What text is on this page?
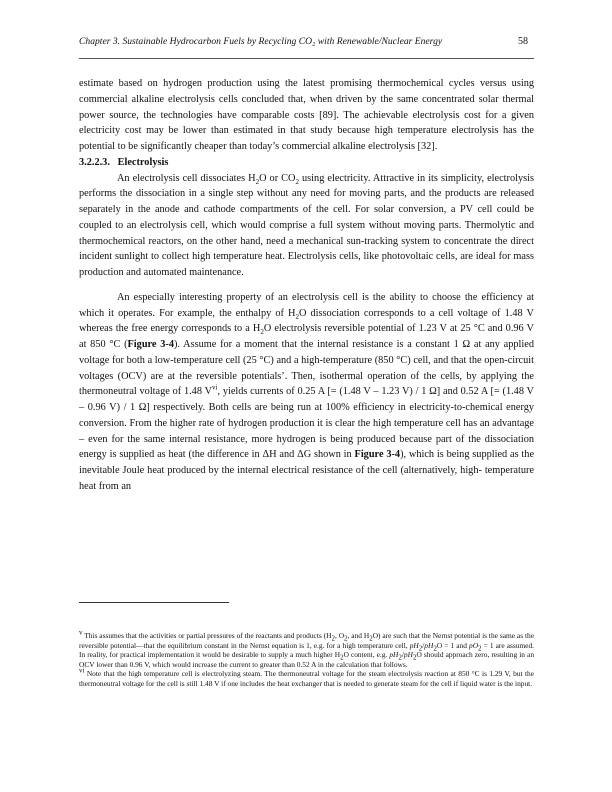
Chapter 3. Sustainable Hydrocarbon Fuels by Recycling CO₂ with Renewable/Nuclear Energy	58

estimate based on hydrogen production using the latest promising thermochemical cycles versus using commercial alkaline electrolysis cells concluded that, when driven by the same concentrated solar thermal power source, the technologies have comparable costs [89]. The achievable electrolysis cost for a given electricity cost may be lower than estimated in that study because high temperature electrolysis has the potential to be significantly cheaper than today’s commercial alkaline electrolysis [32].

3.2.2.3. Electrolysis

An electrolysis cell dissociates $H_2O$ or $CO_2$ using electricity. Attractive in its simplicity, electrolysis performs the dissociation in a single step without any need for moving parts, and the products are released separately in the anode and cathode compartments of the cell. For solar conversion, a PV cell could be coupled to an electrolysis cell, which would comprise a full system without moving parts. Thermolytic and thermochemical reactors, on the other hand, need a mechanical sun-tracking system to concentrate the direct incident sunlight to collect high temperature heat. Electrolysis cells, like photovoltaic cells, are ideal for mass production and automated maintenance.

An especially interesting property of an electrolysis cell is the ability to choose the efficiency at which it operates. For example, the enthalpy of $H_2O$ dissociation corresponds to a cell voltage of 1.48 V whereas the free energy corresponds to a $H_2O$ electrolysis reversible potential of 1.23 V at 25 °C and 0.96 V at 850 °C (Figure 3-4). Assume for a moment that the internal resistance is a constant 1 Ω at any applied voltage for both a low-temperature cell (25 °C) and a high-temperature (850 °C) cell, and that the open-circuit voltages (OCV) are at the reversible potentials’. Then, isothermal operation of the cells, by applying the thermoneutral voltage of 1.48 $V^{vi}$, yields currents of 0.25 A [= (1.48 V – 1.23 V) / 1 Ω] and 0.52 A [= (1.48 V – 0.96 V) / 1 Ω] respectively. Both cells are being run at 100% efficiency in electricity-to-chemical energy conversion. From the higher rate of hydrogen production it is clear the high temperature cell has an advantage – even for the same internal resistance, more hydrogen is being produced because part of the dissociation energy is supplied as heat (the difference in ΔH and ΔG shown in Figure 3-4), which is being supplied as the inevitable Joule heat produced by the internal electrical resistance of the cell (alternatively, high- temperature heat from an

$^v$ This assumes that the activities or partial pressures of the reactants and products ($H_2$, $O_2$, and $H_2O$) are such that the Nernst potential is the same as the reversible potential—that the equilibrium constant in the Nernst equation is 1, e.g. for a high temperature cell, $pH_2/pH_2O = 1$ and $pO_2 = 1$ are assumed. In reality, for practical implementation it would be desirable to supply a much higher $H_2O$ content, e.g. $pH_2/pH_2O$ should approach zero, resulting in an OCV lower than 0.96 V, which would increase the current to greater than 0.52 A in the calculation that follows.

$^{vi}$ Note that the high temperature cell is electrolyzing steam. The thermoneutral voltage for the steam electrolysis reaction at 850 °C is 1.29 V, but the thermoneutral voltage for the cell is still 1.48 V if one includes the heat exchanger that is needed to generate steam for the cell if liquid water is the input.
